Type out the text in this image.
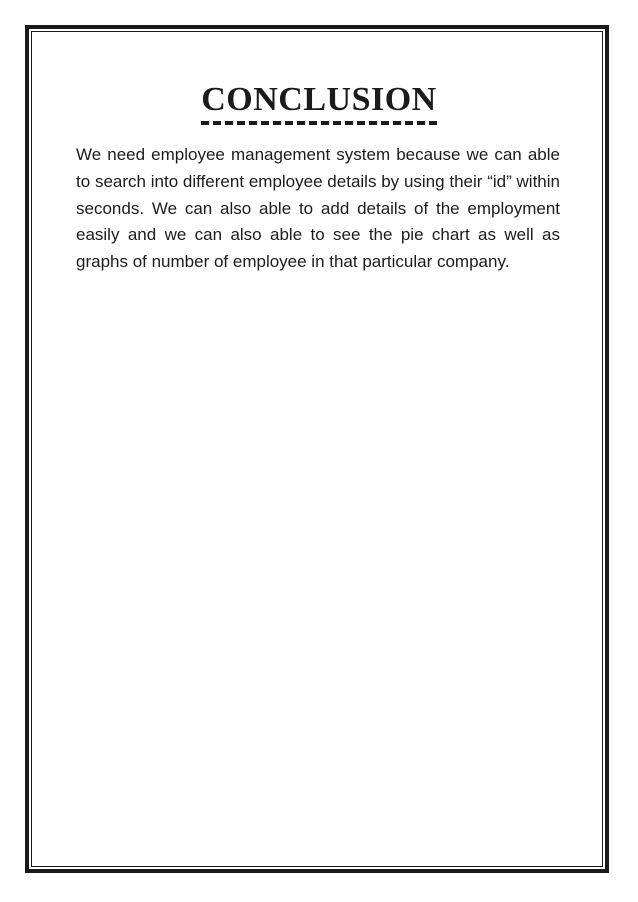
CONCLUSION

We need employee management system because we can able to search into different employee details by using their “id” within seconds. We can also able to add details of the employment easily and we can also able to see the pie chart as well as graphs of number of employee in that particular company.
